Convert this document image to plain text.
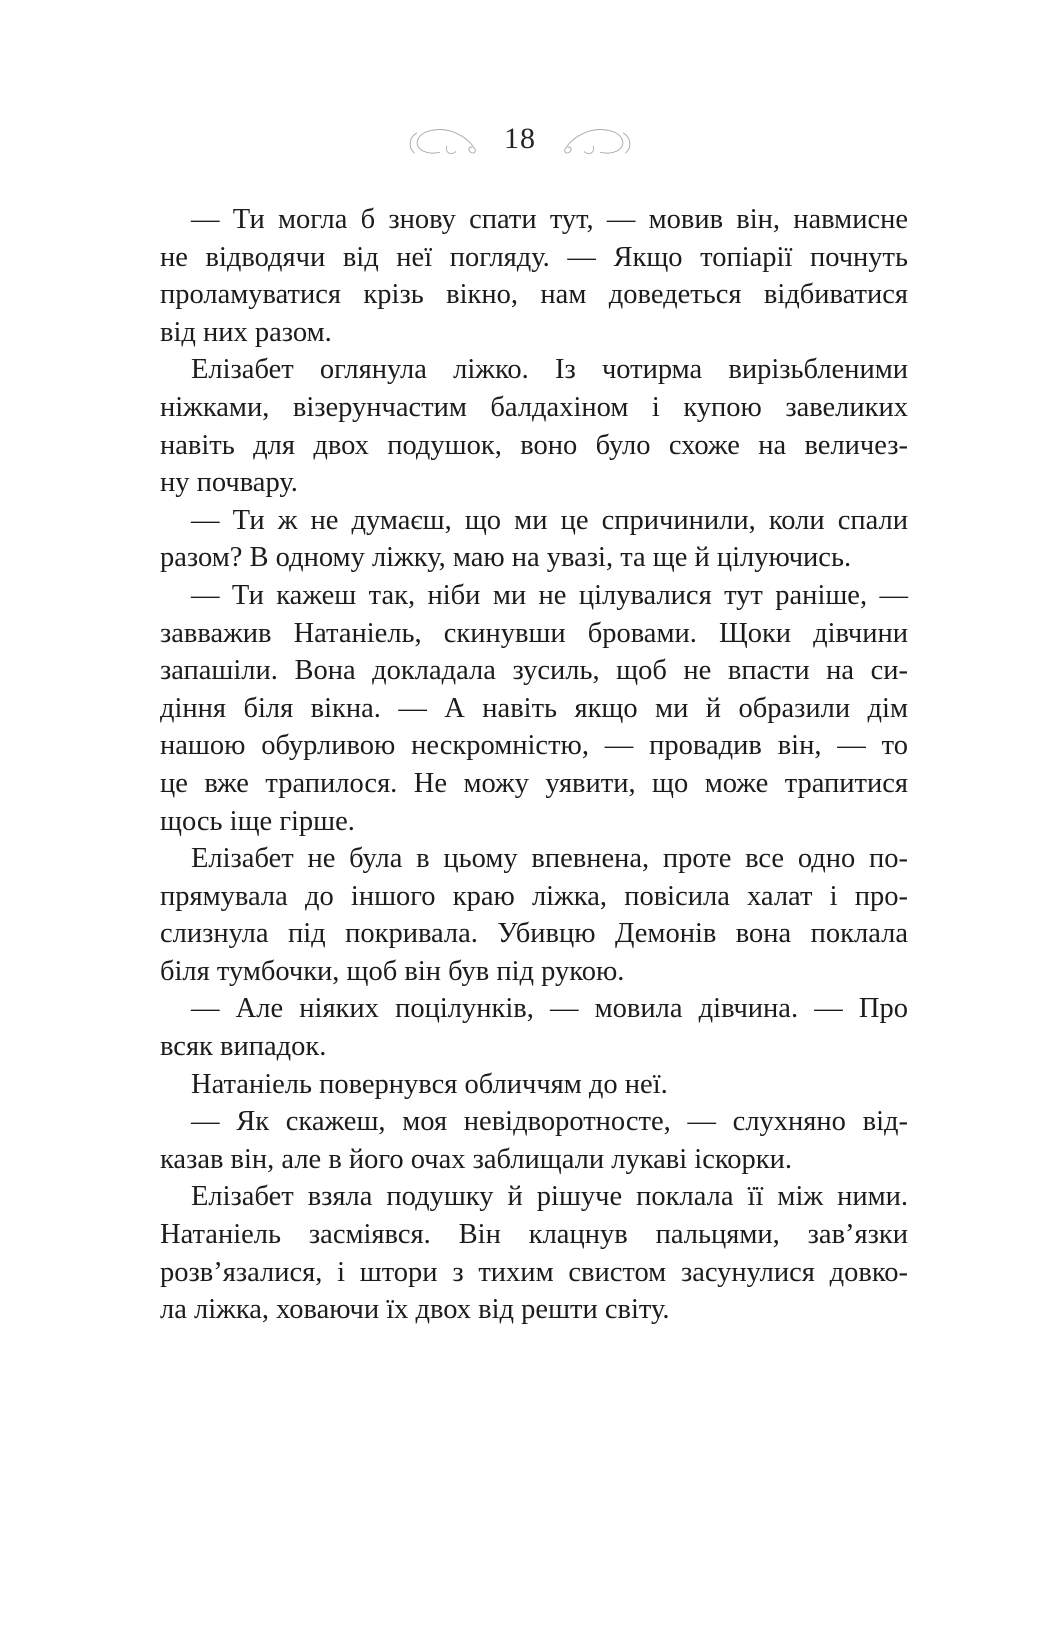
18
— Ти могла б знову спати тут, — мовив він, навмисне
не відводячи від неї погляду. — Якщо топіарії почнуть
проламуватися крізь вікно, нам доведеться відбиватися
від них разом.
Елізабет оглянула ліжко. Із чотирма вирізьбленими
ніжками, візерунчастим балдахіном і купою завеликих
навіть для двох подушок, воно було схоже на величез-
ну почвару.
— Ти ж не думаєш, що ми це спричинили, коли спали
разом? В одному ліжку, маю на увазі, та ще й цілуючись.
— Ти кажеш так, ніби ми не цілувалися тут раніше, —
завважив Натаніель, скинувши бровами. Щоки дівчини
запашіли. Вона докладала зусиль, щоб не впасти на си-
діння біля вікна. — А навіть якщо ми й образили дім
нашою обурливою нескромністю, — провадив він, — то
це вже трапилося. Не можу уявити, що може трапитися
щось іще гірше.
Елізабет не була в цьому впевнена, проте все одно по-
прямувала до іншого краю ліжка, повісила халат і про-
слизнула під покривала. Убивцю Демонів вона поклала
біля тумбочки, щоб він був під рукою.
— Але ніяких поцілунків, — мовила дівчина. — Про
всяк випадок.
Натаніель повернувся обличчям до неї.
— Як скажеш, моя невідворотносте, — слухняно від-
казав він, але в його очах заблищали лукаві іскорки.
Елізабет взяла подушку й рішуче поклала її між ними.
Натаніель засміявся. Він клацнув пальцями, зав’язки
розв’язалися, і штори з тихим свистом засунулися довко-
ла ліжка, ховаючи їх двох від решти світу.
